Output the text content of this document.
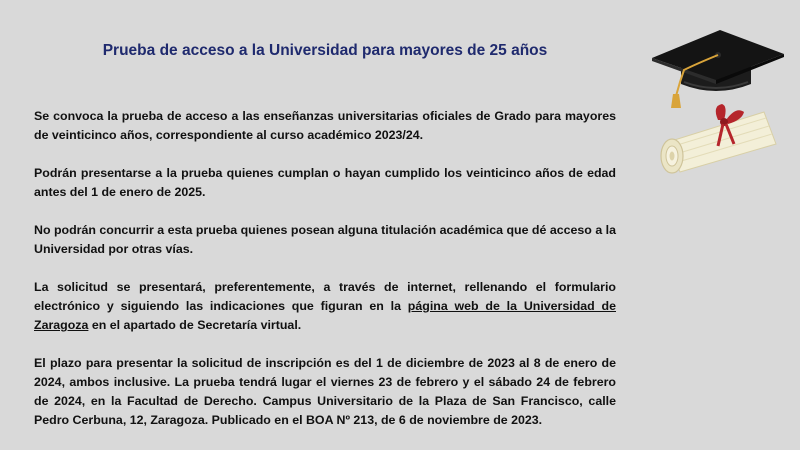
Prueba de acceso a la Universidad para mayores de 25 años

Se convoca la prueba de acceso a las enseñanzas universitarias oficiales de Grado para mayores de veinticinco años, correspondiente al curso académico 2023/24.

Podrán presentarse a la prueba quienes cumplan o hayan cumplido los veinticinco años de edad antes del 1 de enero de 2025.

No podrán concurrir a esta prueba quienes posean alguna titulación académica que dé acceso a la Universidad por otras vías.

La solicitud se presentará, preferentemente, a través de internet, rellenando el formulario electrónico y siguiendo las indicaciones que figuran en la página web de la Universidad de Zaragoza en el apartado de Secretaría virtual.

El plazo para presentar la solicitud de inscripción es del 1 de diciembre de 2023 al 8 de enero de 2024, ambos inclusive. La prueba tendrá lugar el viernes 23 de febrero y el sábado 24 de febrero de 2024, en la Facultad de Derecho. Campus Universitario de la Plaza de San Francisco, calle Pedro Cerbuna, 12, Zaragoza. Publicado en el BOA Nº 213, de 6 de noviembre de 2023.
